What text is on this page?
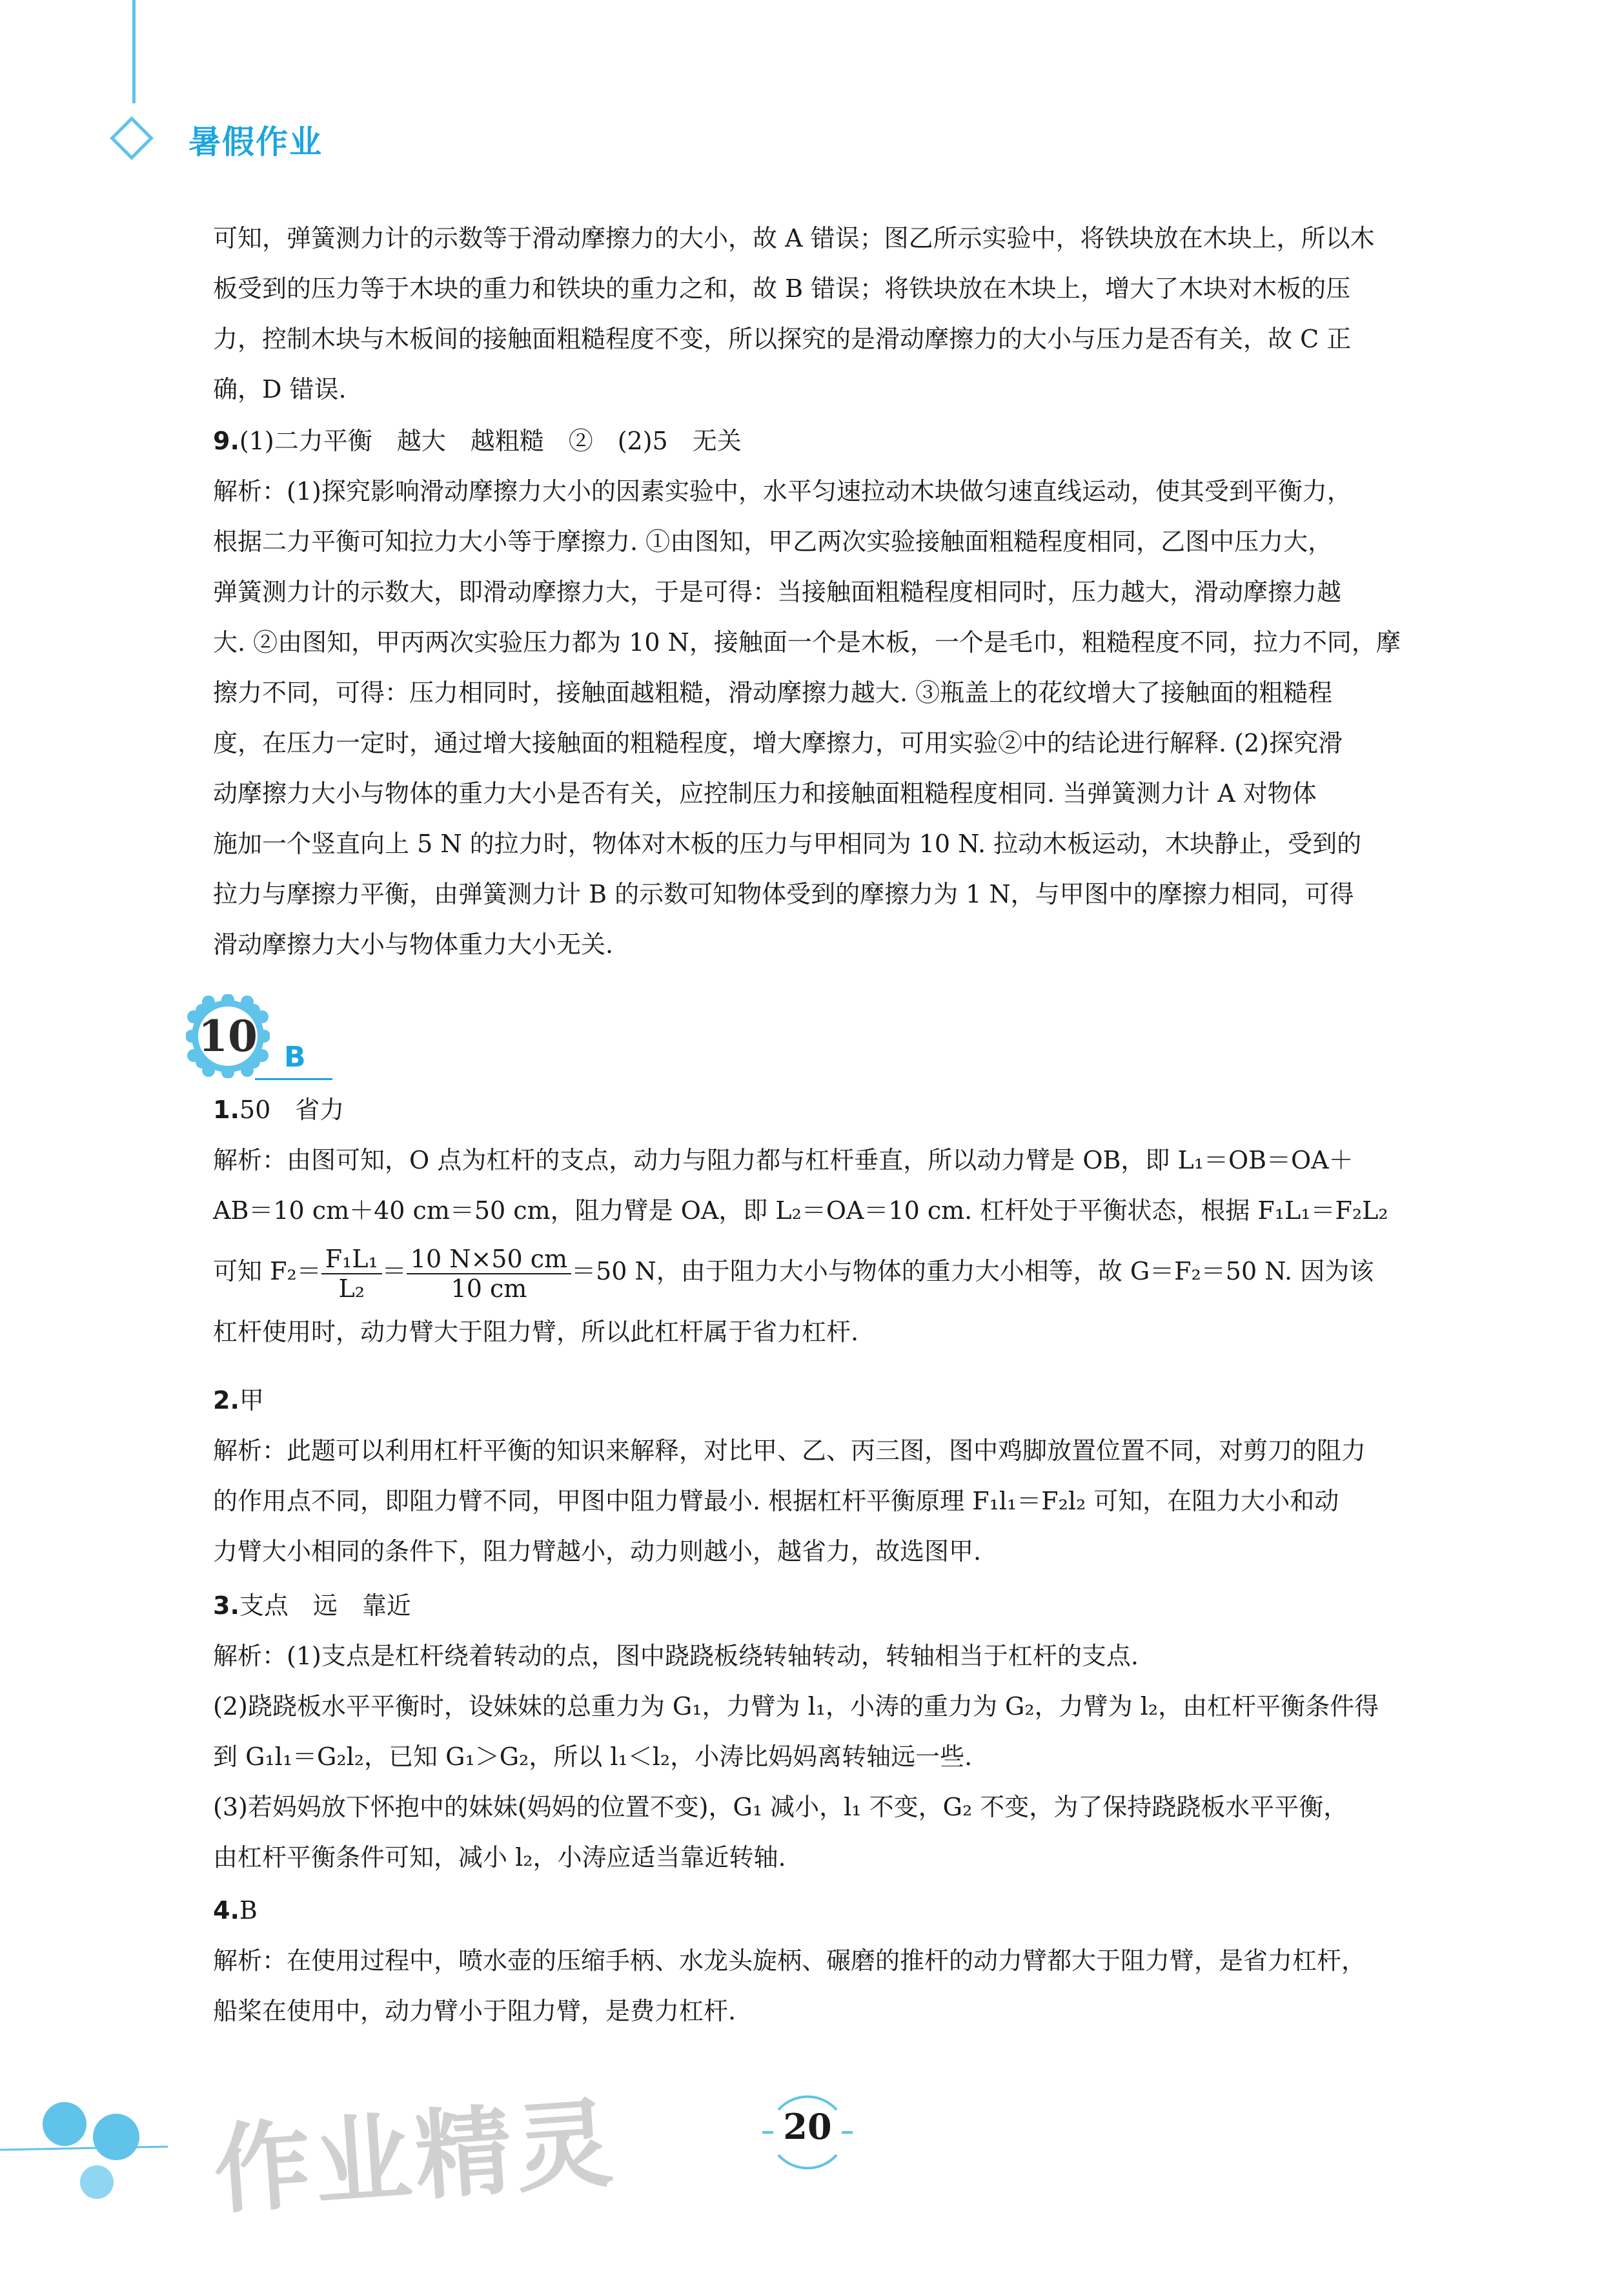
暑假作业

可知，弹簧测力计的示数等于滑动摩擦力的大小，故 A 错误；图乙所示实验中，将铁块放在木块上，所以木

板受到的压力等于木块的重力和铁块的重力之和，故 B 错误；将铁块放在木块上，增大了木块对木板的压

力，控制木块与木板间的接触面粗糙程度不变，所以探究的是滑动摩擦力的大小与压力是否有关，故 C 正

确，D 错误.

9.(1)二力平衡　越大　越粗糙　②　(2)5　无关

解析：(1)探究影响滑动摩擦力大小的因素实验中，水平匀速拉动木块做匀速直线运动，使其受到平衡力，

根据二力平衡可知拉力大小等于摩擦力. ①由图知，甲乙两次实验接触面粗糙程度相同，乙图中压力大，

弹簧测力计的示数大，即滑动摩擦力大，于是可得：当接触面粗糙程度相同时，压力越大，滑动摩擦力越

大. ②由图知，甲丙两次实验压力都为 10 N，接触面一个是木板，一个是毛巾，粗糙程度不同，拉力不同，摩

擦力不同，可得：压力相同时，接触面越粗糙，滑动摩擦力越大. ③瓶盖上的花纹增大了接触面的粗糙程

度，在压力一定时，通过增大接触面的粗糙程度，增大摩擦力，可用实验②中的结论进行解释. (2)探究滑

动摩擦力大小与物体的重力大小是否有关，应控制压力和接触面粗糙程度相同. 当弹簧测力计 A 对物体

施加一个竖直向上 5 N 的拉力时，物体对木板的压力与甲相同为 10 N. 拉动木板运动，木块静止，受到的

拉力与摩擦力平衡，由弹簧测力计 B 的示数可知物体受到的摩擦力为 1 N，与甲图中的摩擦力相同，可得

滑动摩擦力大小与物体重力大小无关.

10 B

1.50　省力

解析：由图可知，O 点为杠杆的支点，动力与阻力都与杠杆垂直，所以动力臂是 OB，即 L₁＝OB＝OA＋

AB＝10 cm＋40 cm＝50 cm，阻力臂是 OA，即 L₂＝OA＝10 cm. 杠杆处于平衡状态，根据 F₁L₁＝F₂L₂

可知 $F_2= \frac{\text{F₁L₁}}{\text{L₂}} = \frac{10 N\times 50 cm}{10 cm} =50$ N，由于阻力大小与物体的重力大小相等，故 G＝F₂＝50 N. 因为该

杠杆使用时，动力臂大于阻力臂，所以此杠杆属于省力杠杆.

2.甲

解析：此题可以利用杠杆平衡的知识来解释，对比甲、乙、丙三图，图中鸡脚放置位置不同，对剪刀的阻力

的作用点不同，即阻力臂不同，甲图中阻力臂最小. 根据杠杆平衡原理 F₁l₁＝F₂l₂ 可知，在阻力大小和动

力臂大小相同的条件下，阻力臂越小，动力则越小，越省力，故选图甲.

3.支点　远　靠近

解析：(1)支点是杠杆绕着转动的点，图中跷跷板绕转轴转动，转轴相当于杠杆的支点.

(2)跷跷板水平平衡时，设妹妹的总重力为 G₁，力臂为 l₁，小涛的重力为 G₂，力臂为 l₂，由杠杆平衡条件得

到 G₁l₁＝G₂l₂，已知 G₁＞G₂，所以 l₁＜l₂，小涛比妈妈离转轴远一些.

(3)若妈妈放下怀抱中的妹妹(妈妈的位置不变)，G₁ 减小，l₁ 不变，G₂ 不变，为了保持跷跷板水平平衡，

由杠杆平衡条件可知，减小 l₂，小涛应适当靠近转轴.

4.B

解析：在使用过程中，喷水壶的压缩手柄、水龙头旋柄、碾磨的推杆的动力臂都大于阻力臂，是省力杠杆，

船桨在使用中，动力臂小于阻力臂，是费力杠杆.

作业精灵	20
